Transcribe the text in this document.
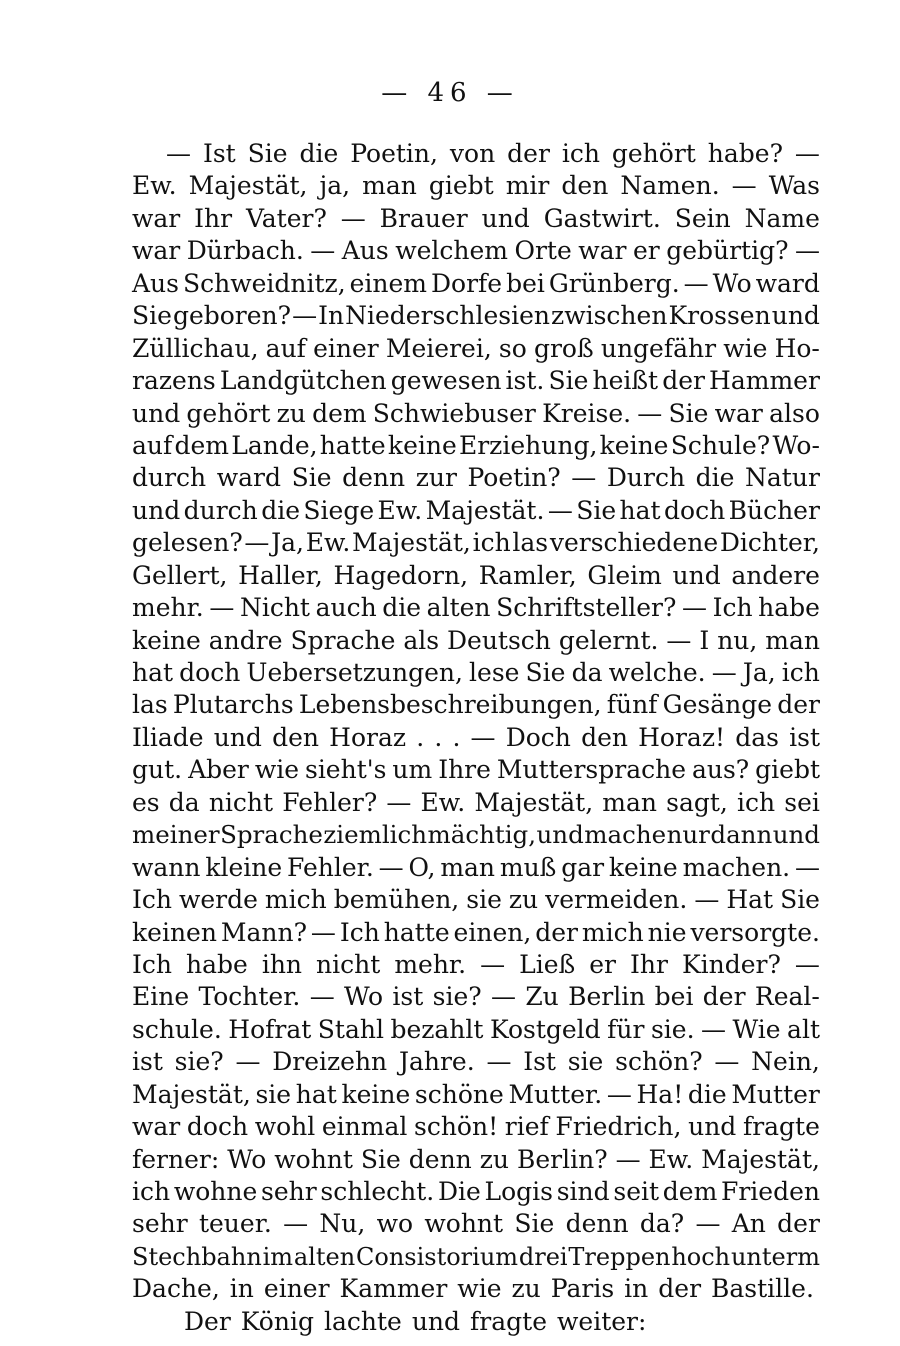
— 46 —
— Ist Sie die Poetin, von der ich gehört habe? —
Ew. Majestät, ja, man giebt mir den Namen. — Was
war Ihr Vater? — Brauer und Gastwirt. Sein Name
war Dürbach. — Aus welchem Orte war er gebürtig? —
Aus Schweidnitz, einem Dorfe bei Grünberg. — Wo ward
Sie geboren? — In Niederschlesien zwischen Krossen und
Züllichau, auf einer Meierei, so groß ungefähr wie Ho-
razens Landgütchen gewesen ist. Sie heißt der Hammer
und gehört zu dem Schwiebuser Kreise. — Sie war also
auf dem Lande, hatte keine Erziehung, keine Schule? Wo-
durch ward Sie denn zur Poetin? — Durch die Natur
und durch die Siege Ew. Majestät. — Sie hat doch Bücher
gelesen? — Ja, Ew. Majestät, ich las verschiedene Dichter,
Gellert, Haller, Hagedorn, Ramler, Gleim und andere
mehr. — Nicht auch die alten Schriftsteller? — Ich habe
keine andre Sprache als Deutsch gelernt. — I nu, man
hat doch Uebersetzungen, lese Sie da welche. — Ja, ich
las Plutarchs Lebensbeschreibungen, fünf Gesänge der
Iliade und den Horaz . . . — Doch den Horaz! das ist
gut. Aber wie sieht's um Ihre Muttersprache aus? giebt
es da nicht Fehler? — Ew. Majestät, man sagt, ich sei
meiner Sprache ziemlich mächtig, und mache nur dann und
wann kleine Fehler. — O, man muß gar keine machen. —
Ich werde mich bemühen, sie zu vermeiden. — Hat Sie
keinen Mann? — Ich hatte einen, der mich nie versorgte.
Ich habe ihn nicht mehr. — Ließ er Ihr Kinder? —
Eine Tochter. — Wo ist sie? — Zu Berlin bei der Real-
schule. Hofrat Stahl bezahlt Kostgeld für sie. — Wie alt
ist sie? — Dreizehn Jahre. — Ist sie schön? — Nein,
Majestät, sie hat keine schöne Mutter. — Ha! die Mutter
war doch wohl einmal schön! rief Friedrich, und fragte
ferner: Wo wohnt Sie denn zu Berlin? — Ew. Majestät,
ich wohne sehr schlecht. Die Logis sind seit dem Frieden
sehr teuer. — Nu, wo wohnt Sie denn da? — An der
Stechbahn im alten Consistorium drei Treppen hoch unterm
Dache, in einer Kammer wie zu Paris in der Bastille.
Der König lachte und fragte weiter:
